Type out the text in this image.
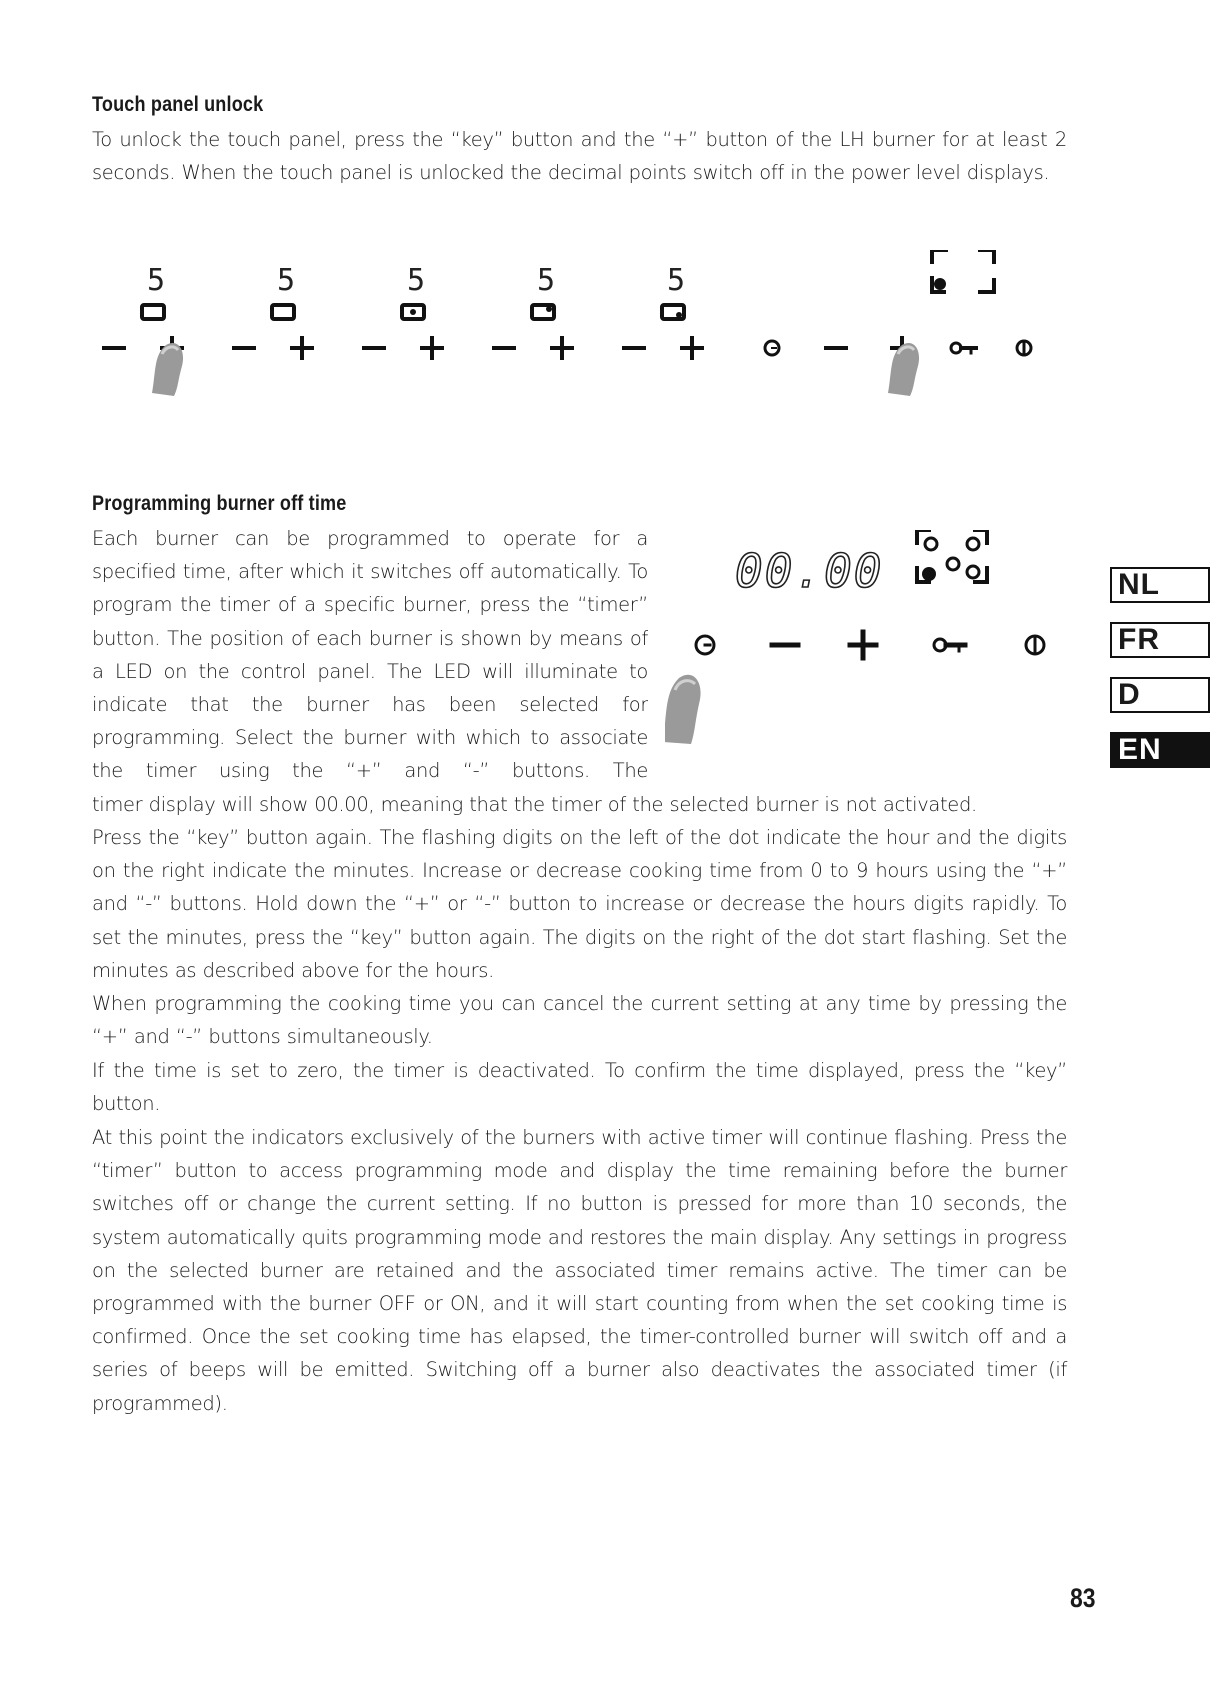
Touch panel unlock

To unlock the touch panel, press the “key” button and the “+” button of the LH burner for at least 2 seconds. When the touch panel is unlocked the decimal points switch off in the power level displays.

5	5	5	5	5
Programming burner off time

Each burner can be programmed to operate for a specified time, after which it switches off automatically. To program the timer of a specific burner, press the “timer” button. The position of each burner is shown by means of a LED on the control panel. The LED will illuminate to indicate that the burner has been selected for programming. Select the burner with which to associate the timer using the “+” and “-” buttons. The

00.00

timer display will show 00.00, meaning that the timer of the selected burner is not activated.

Press the “key” button again. The flashing digits on the left of the dot indicate the hour and the digits on the right indicate the minutes. Increase or decrease cooking time from 0 to 9 hours using the “+” and “-” buttons. Hold down the “+” or “-” button to increase or decrease the hours digits rapidly. To set the minutes, press the “key” button again. The digits on the right of the dot start flashing. Set the minutes as described above for the hours.

When programming the cooking time you can cancel the current setting at any time by pressing the “+” and “-” buttons simultaneously.

If the time is set to zero, the timer is deactivated. To confirm the time displayed, press the “key” button.

At this point the indicators exclusively of the burners with active timer will continue flashing. Press the “timer” button to access programming mode and display the time remaining before the burner switches off or change the current setting. If no button is pressed for more than 10 seconds, the system automatically quits programming mode and restores the main display. Any settings in progress on the selected burner are retained and the associated timer remains active. The timer can be programmed with the burner OFF or ON, and it will start counting from when the set cooking time is confirmed. Once the set cooking time has elapsed, the timer-controlled burner will switch off and a series of beeps will be emitted. Switching off a burner also deactivates the associated timer (if programmed).

NL
FR
D
EN
83
